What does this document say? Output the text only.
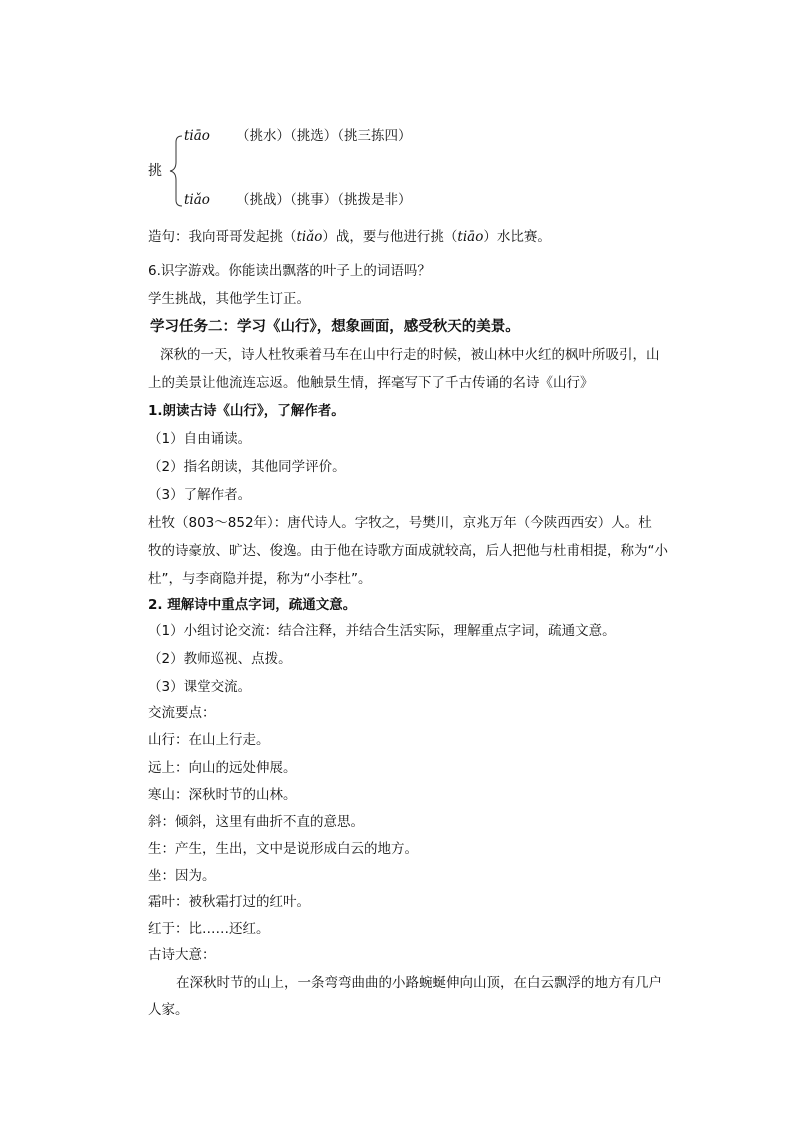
挑
tiāo （挑水）（挑选）（挑三拣四）
tiǎo （挑战）（挑事）（挑拨是非）
造句：我向哥哥发起挑（tiǎo）战，要与他进行挑（tiāo）水比赛。
6.识字游戏。你能读出飘落的叶子上的词语吗？
学生挑战，其他学生订正。
学习任务二：学习《山行》，想象画面，感受秋天的美景。
深秋的一天，诗人杜牧乘着马车在山中行走的时候，被山林中火红的枫叶所吸引，山
上的美景让他流连忘返。他触景生情，挥毫写下了千古传诵的名诗《山行》
1.朗读古诗《山行》，了解作者。
（1）自由诵读。
（2）指名朗读，其他同学评价。
（3）了解作者。
杜牧（803～852年）：唐代诗人。字牧之，号樊川，京兆万年（今陕西西安）人。杜
牧的诗豪放、旷达、俊逸。由于他在诗歌方面成就较高，后人把他与杜甫相提，称为“小
杜”，与李商隐并提，称为“小李杜”。
2. 理解诗中重点字词，疏通文意。
（1）小组讨论交流：结合注释，并结合生活实际，理解重点字词，疏通文意。
（2）教师巡视、点拨。
（3）课堂交流。
交流要点：
山行：在山上行走。
远上：向山的远处伸展。
寒山：深秋时节的山林。
斜：倾斜，这里有曲折不直的意思。
生：产生，生出，文中是说形成白云的地方。
坐：因为。
霜叶：被秋霜打过的红叶。
红于：比……还红。
古诗大意：
在深秋时节的山上，一条弯弯曲曲的小路蜿蜒伸向山顶，在白云飘浮的地方有几户
人家。
